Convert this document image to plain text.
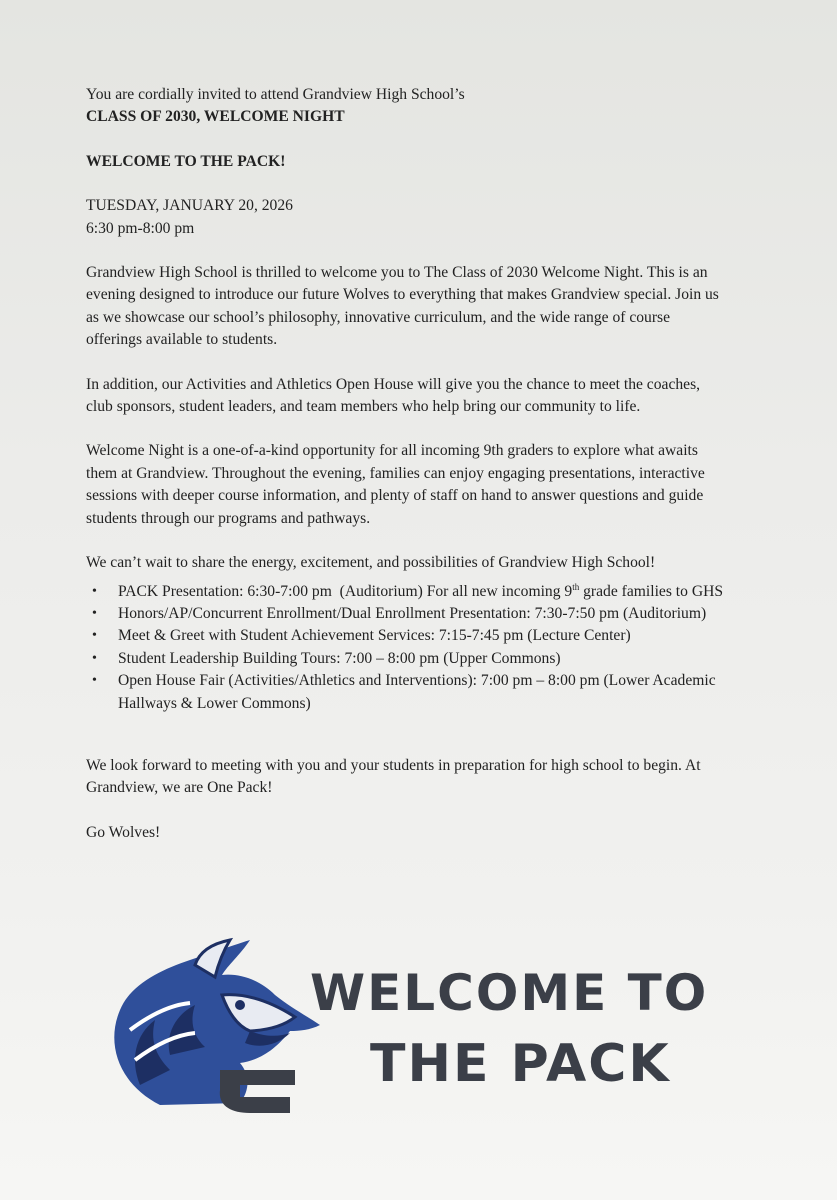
You are cordially invited to attend Grandview High School’s

CLASS OF 2030, WELCOME NIGHT

WELCOME TO THE PACK!

TUESDAY, JANUARY 20, 2026

6:30 pm-8:00 pm

Grandview High School is thrilled to welcome you to The Class of 2030 Welcome Night. This is an evening designed to introduce our future Wolves to everything that makes Grandview special. Join us as we showcase our school’s philosophy, innovative curriculum, and the wide range of course offerings available to students.

In addition, our Activities and Athletics Open House will give you the chance to meet the coaches, club sponsors, student leaders, and team members who help bring our community to life.

Welcome Night is a one-of-a-kind opportunity for all incoming 9th graders to explore what awaits them at Grandview. Throughout the evening, families can enjoy engaging presentations, interactive sessions with deeper course information, and plenty of staff on hand to answer questions and guide students through our programs and pathways.

We can’t wait to share the energy, excitement, and possibilities of Grandview High School!

• PACK Presentation: 6:30-7:00 pm  (Auditorium) For all new incoming 9th grade families to GHS
• Honors/AP/Concurrent Enrollment/Dual Enrollment Presentation: 7:30-7:50 pm (Auditorium)
• Meet & Greet with Student Achievement Services: 7:15-7:45 pm (Lecture Center)
• Student Leadership Building Tours: 7:00 – 8:00 pm (Upper Commons)
• Open House Fair (Activities/Athletics and Interventions): 7:00 pm – 8:00 pm (Lower Academic Hallways & Lower Commons)

We look forward to meeting with you and your students in preparation for high school to begin. At Grandview, we are One Pack!

Go Wolves!

WELCOME TO
THE PACK
